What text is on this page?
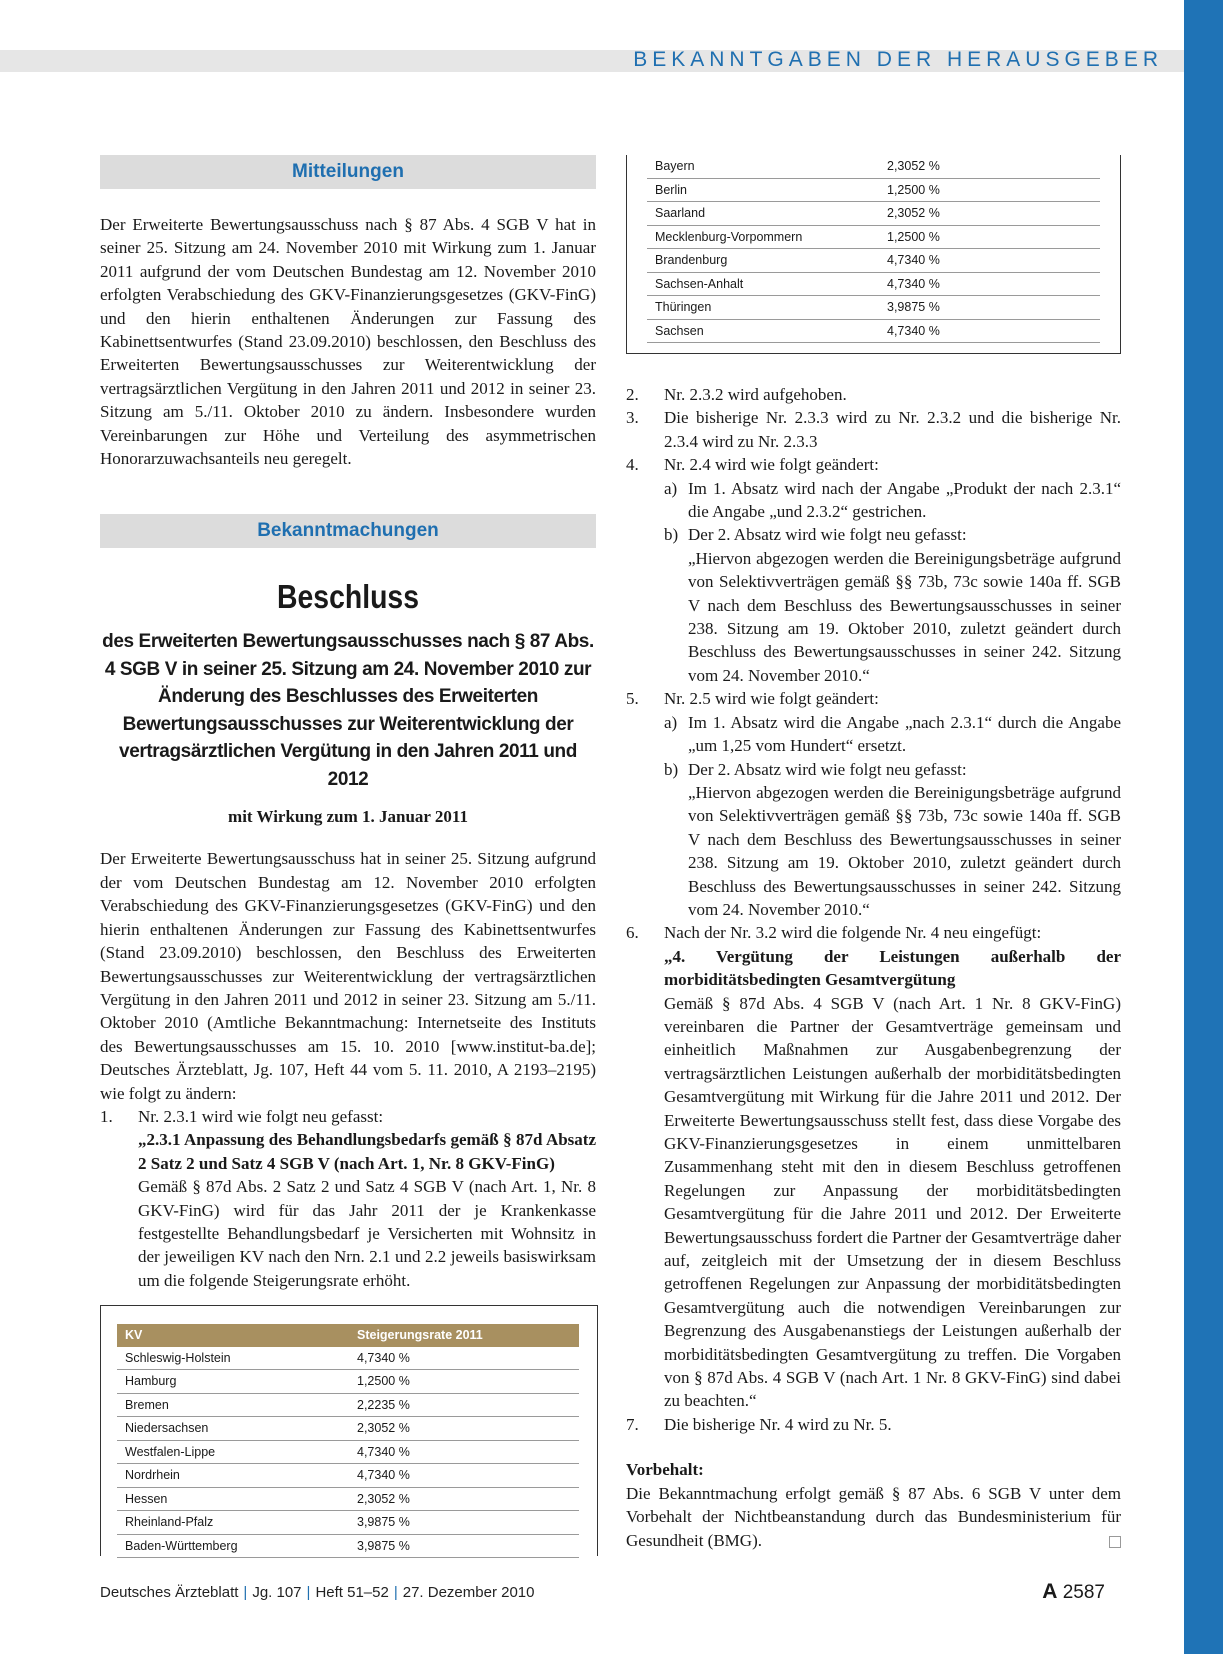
BEKANNTGABEN DER HERAUSGEBER
Mitteilungen

Der Erweiterte Bewertungsausschuss nach § 87 Abs. 4 SGB V hat in seiner 25. Sitzung am 24. November 2010 mit Wirkung zum 1. Januar 2011 aufgrund der vom Deutschen Bundestag am 12. November 2010 erfolgten Verabschiedung des GKV-Finanzierungsgesetzes (GKV-FinG) und den hierin enthaltenen Änderungen zur Fassung des Kabinettsentwurfes (Stand 23.09.2010) beschlossen, den Beschluss des Erweiterten Bewertungsausschusses zur Weiterentwicklung der vertragsärztlichen Vergütung in den Jahren 2011 und 2012 in seiner 23. Sitzung am 5./11. Oktober 2010 zu ändern. Insbesondere wurden Vereinbarungen zur Höhe und Verteilung des asymmetrischen Honorarzuwachsanteils neu geregelt.

Bekanntmachungen
Beschluss

des Erweiterten Bewertungsausschusses nach § 87 Abs. 4 SGB V in seiner 25. Sitzung am 24. November 2010 zur Änderung des Beschlusses des Erweiterten Bewertungsausschusses zur Weiterentwicklung der vertragsärztlichen Vergütung in den Jahren 2011 und 2012

mit Wirkung zum 1. Januar 2011

Der Erweiterte Bewertungsausschuss hat in seiner 25. Sitzung aufgrund der vom Deutschen Bundestag am 12. November 2010 erfolgten Verabschiedung des GKV-Finanzierungsgesetzes (GKV-FinG) und den hierin enthaltenen Änderungen zur Fassung des Kabinettsentwurfes (Stand 23.09.2010) beschlossen, den Beschluss des Erweiterten Bewertungsausschusses zur Weiterentwicklung der vertragsärztlichen Vergütung in den Jahren 2011 und 2012 in seiner 23. Sitzung am 5./11. Oktober 2010 (Amtliche Bekanntmachung: Internetseite des Instituts des Bewertungsausschusses am 15. 10. 2010 [www.institut-ba.de]; Deutsches Ärzteblatt, Jg. 107, Heft 44 vom 5. 11. 2010, A 2193–2195) wie folgt zu ändern:

1. Nr. 2.3.1 wird wie folgt neu gefasst:
„2.3.1 Anpassung des Behandlungsbedarfs gemäß § 87d Absatz 2 Satz 2 und Satz 4 SGB V (nach Art. 1, Nr. 8 GKV-FinG)
Gemäß § 87d Abs. 2 Satz 2 und Satz 4 SGB V (nach Art. 1, Nr. 8 GKV-FinG) wird für das Jahr 2011 der je Krankenkasse festgestellte Behandlungsbedarf je Versicherten mit Wohnsitz in der jeweiligen KV nach den Nrn. 2.1 und 2.2 jeweils basiswirksam um die folgende Steigerungsrate erhöht.
KV	Steigerungsrate 2011
Schleswig-Holstein	4,7340 %
Hamburg	1,2500 %
Bremen	2,2235 %
Niedersachsen	2,3052 %
Westfalen-Lippe	4,7340 %
Nordrhein	4,7340 %
Hessen	2,3052 %
Rheinland-Pfalz	3,9875 %
Baden-Württemberg	3,9875 %
Bayern	2,3052 %
Berlin	1,2500 %
Saarland	2,3052 %
Mecklenburg-Vorpommern	1,2500 %
Brandenburg	4,7340 %
Sachsen-Anhalt	4,7340 %
Thüringen	3,9875 %
Sachsen	4,7340 %
2. Nr. 2.3.2 wird aufgehoben.
3. Die bisherige Nr. 2.3.3 wird zu Nr. 2.3.2 und die bisherige Nr. 2.3.4 wird zu Nr. 2.3.3
4. Nr. 2.4 wird wie folgt geändert:
a) Im 1. Absatz wird nach der Angabe „Produkt der nach 2.3.1“ die Angabe „und 2.3.2“ gestrichen.
b) Der 2. Absatz wird wie folgt neu gefasst:
„Hiervon abgezogen werden die Bereinigungsbeträge aufgrund von Selektivverträgen gemäß §§ 73b, 73c sowie 140a ff. SGB V nach dem Beschluss des Bewertungsausschusses in seiner 238. Sitzung am 19. Oktober 2010, zuletzt geändert durch Beschluss des Bewertungsausschusses in seiner 242. Sitzung vom 24. November 2010.“
5. Nr. 2.5 wird wie folgt geändert:
a) Im 1. Absatz wird die Angabe „nach 2.3.1“ durch die Angabe „um 1,25 vom Hundert“ ersetzt.
b) Der 2. Absatz wird wie folgt neu gefasst:
„Hiervon abgezogen werden die Bereinigungsbeträge aufgrund von Selektivverträgen gemäß §§ 73b, 73c sowie 140a ff. SGB V nach dem Beschluss des Bewertungsausschusses in seiner 238. Sitzung am 19. Oktober 2010, zuletzt geändert durch Beschluss des Bewertungsausschusses in seiner 242. Sitzung vom 24. November 2010.“
6. Nach der Nr. 3.2 wird die folgende Nr. 4 neu eingefügt:
„4. Vergütung der Leistungen außerhalb der morbiditätsbedingten Gesamtvergütung
Gemäß § 87d Abs. 4 SGB V (nach Art. 1 Nr. 8 GKV-FinG) vereinbaren die Partner der Gesamtverträge gemeinsam und einheitlich Maßnahmen zur Ausgabenbegrenzung der vertragsärztlichen Leistungen außerhalb der morbiditätsbedingten Gesamtvergütung mit Wirkung für die Jahre 2011 und 2012. Der Erweiterte Bewertungsausschuss stellt fest, dass diese Vorgabe des GKV-Finanzierungsgesetzes in einem unmittelbaren Zusammenhang steht mit den in diesem Beschluss getroffenen Regelungen zur Anpassung der morbiditätsbedingten Gesamtvergütung für die Jahre 2011 und 2012. Der Erweiterte Bewertungsausschuss fordert die Partner der Gesamtverträge daher auf, zeitgleich mit der Umsetzung der in diesem Beschluss getroffenen Regelungen zur Anpassung der morbiditätsbedingten Gesamtvergütung auch die notwendigen Vereinbarungen zur Begrenzung des Ausgabenanstiegs der Leistungen außerhalb der morbiditätsbedingten Gesamtvergütung zu treffen. Die Vorgaben von § 87d Abs. 4 SGB V (nach Art. 1 Nr. 8 GKV-FinG) sind dabei zu beachten.“
7. Die bisherige Nr. 4 wird zu Nr. 5.
Vorbehalt:
Die Bekanntmachung erfolgt gemäß § 87 Abs. 6 SGB V unter dem Vorbehalt der Nichtbeanstandung durch das Bundesministerium für Gesundheit (BMG).
Deutsches Ärzteblatt | Jg. 107 | Heft 51–52 | 27. Dezember 2010	A 2587
